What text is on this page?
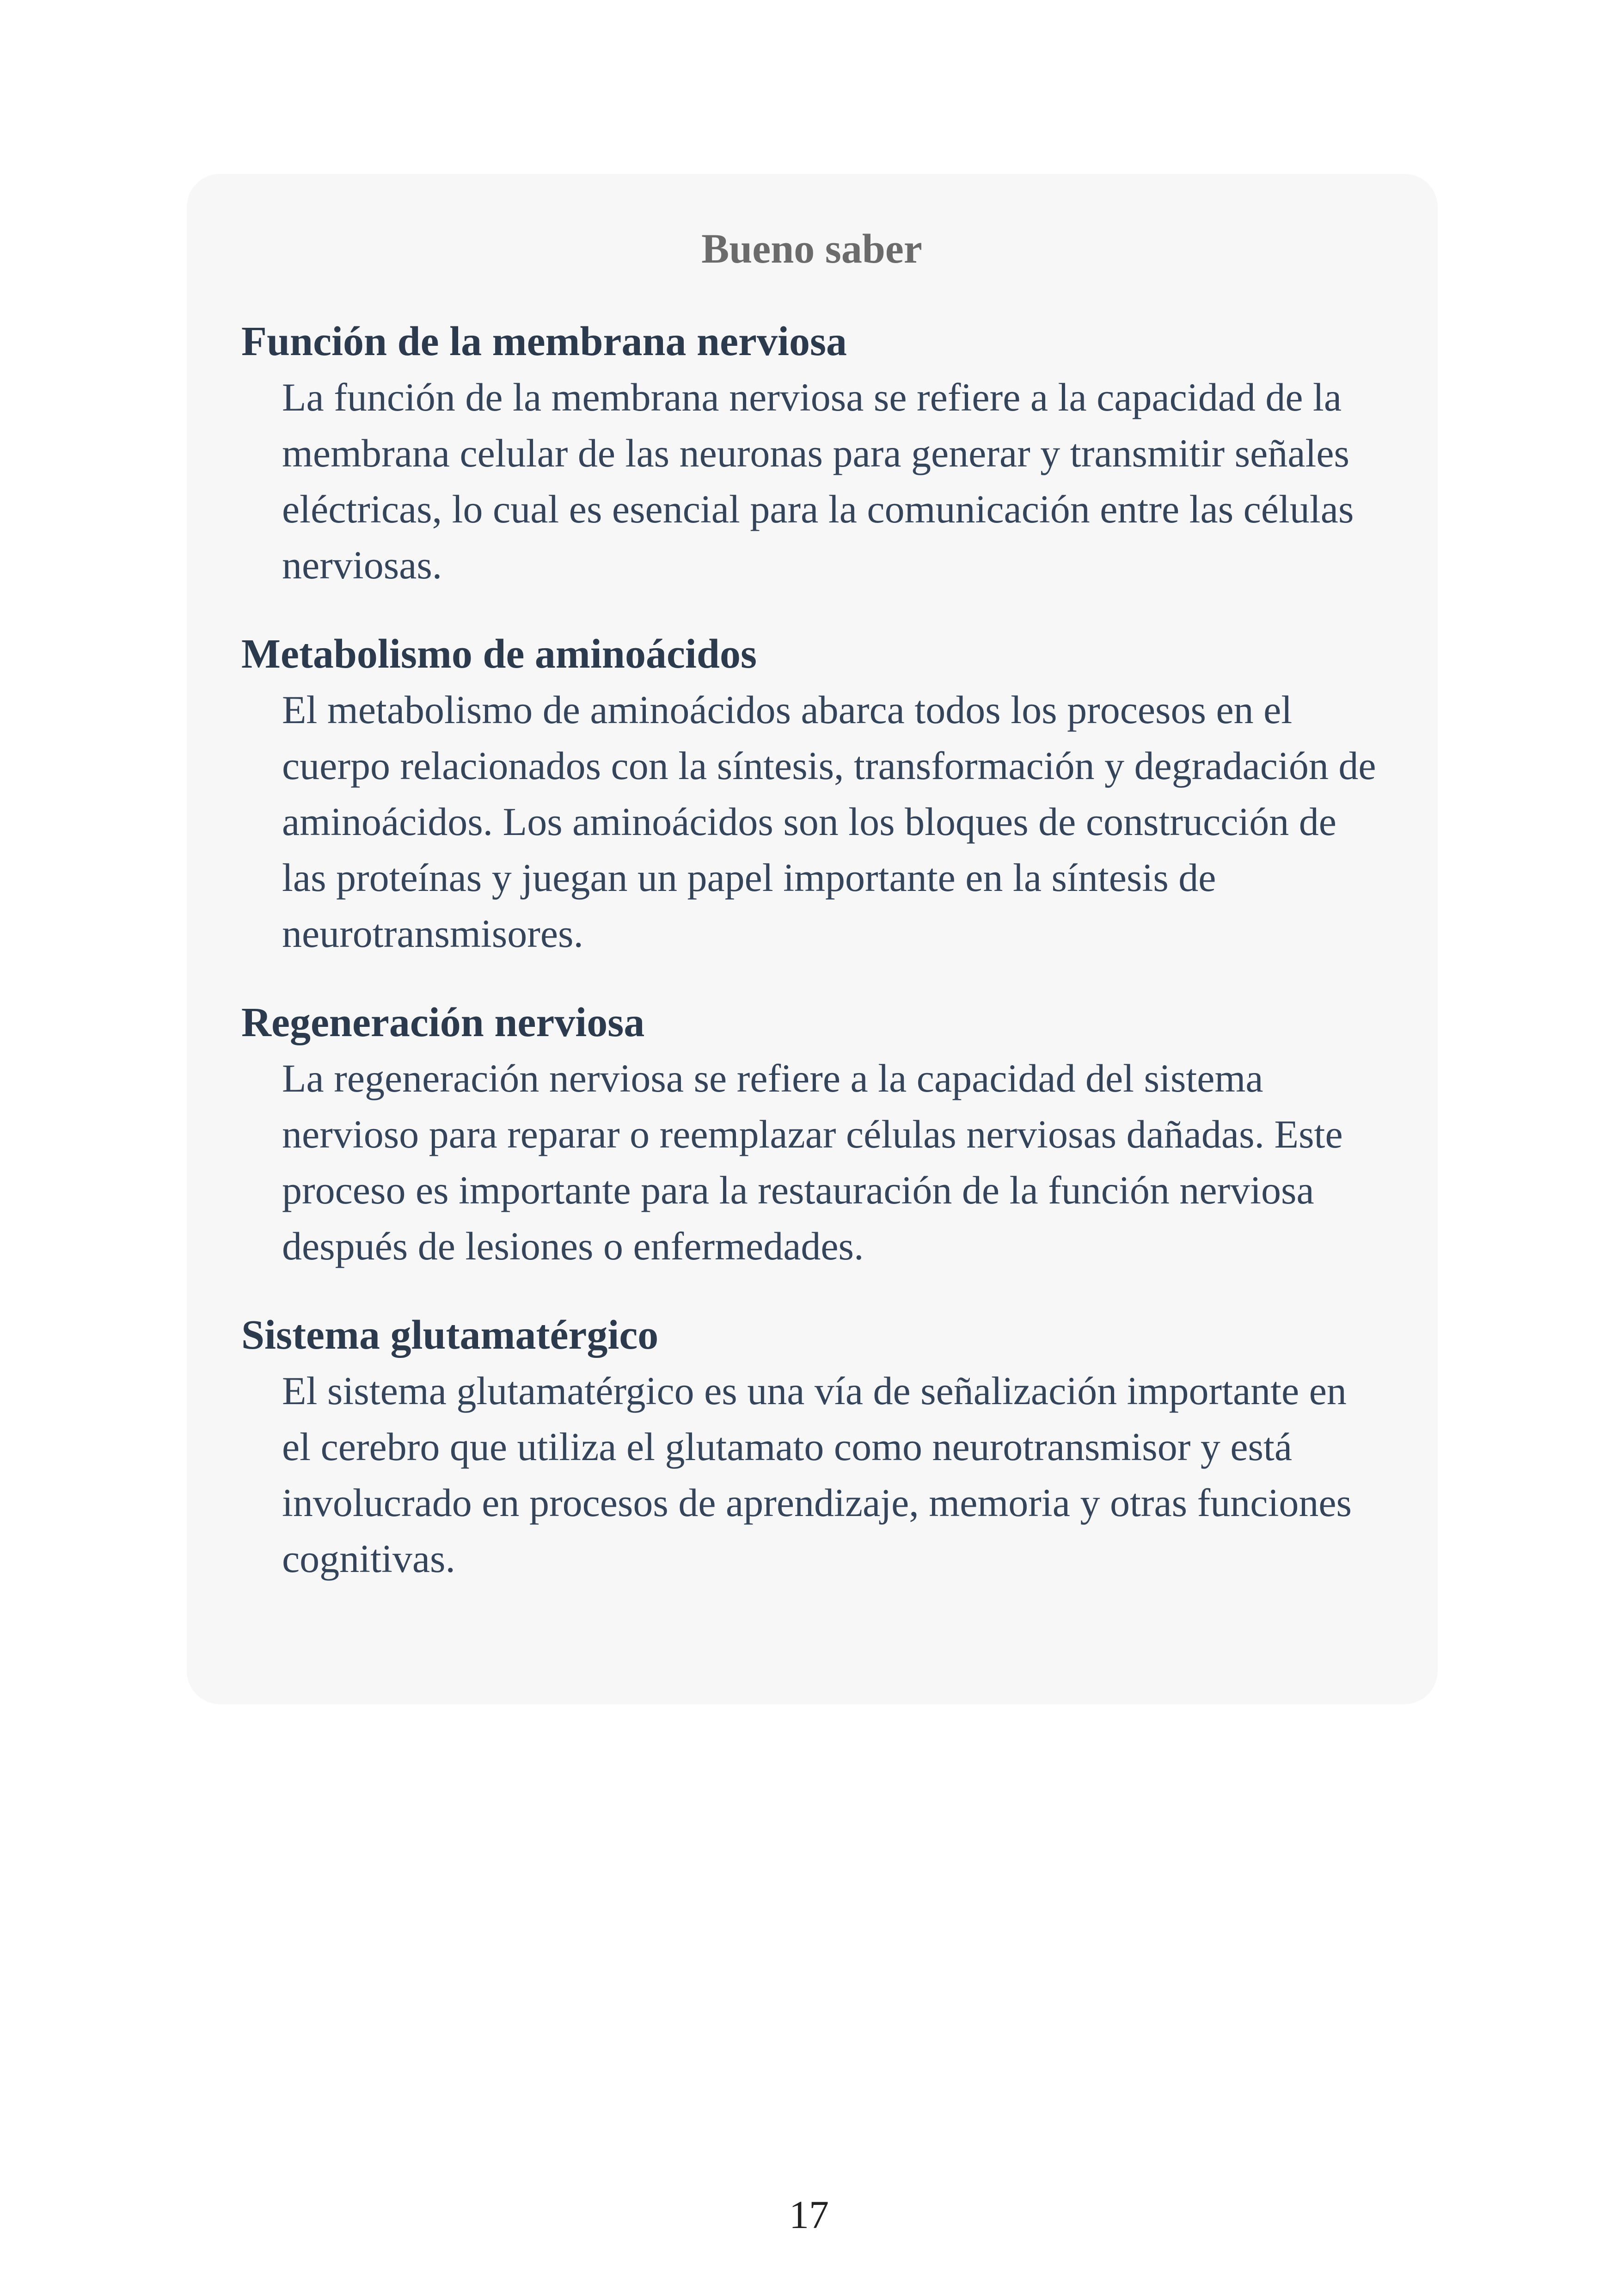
Bueno saber
Función de la membrana nerviosa
La función de la membrana nerviosa se refiere a la capacidad de la membrana celular de las neuronas para generar y transmitir señales eléctricas, lo cual es esencial para la comunicación entre las células nerviosas.
Metabolismo de aminoácidos
El metabolismo de aminoácidos abarca todos los procesos en el cuerpo relacionados con la síntesis, transformación y degradación de aminoácidos. Los aminoácidos son los bloques de construcción de las proteínas y juegan un papel importante en la síntesis de neurotransmisores.
Regeneración nerviosa
La regeneración nerviosa se refiere a la capacidad del sistema nervioso para reparar o reemplazar células nerviosas dañadas. Este proceso es importante para la restauración de la función nerviosa después de lesiones o enfermedades.
Sistema glutamatérgico
El sistema glutamatérgico es una vía de señalización importante en el cerebro que utiliza el glutamato como neurotransmisor y está involucrado en procesos de aprendizaje, memoria y otras funciones cognitivas.
17
